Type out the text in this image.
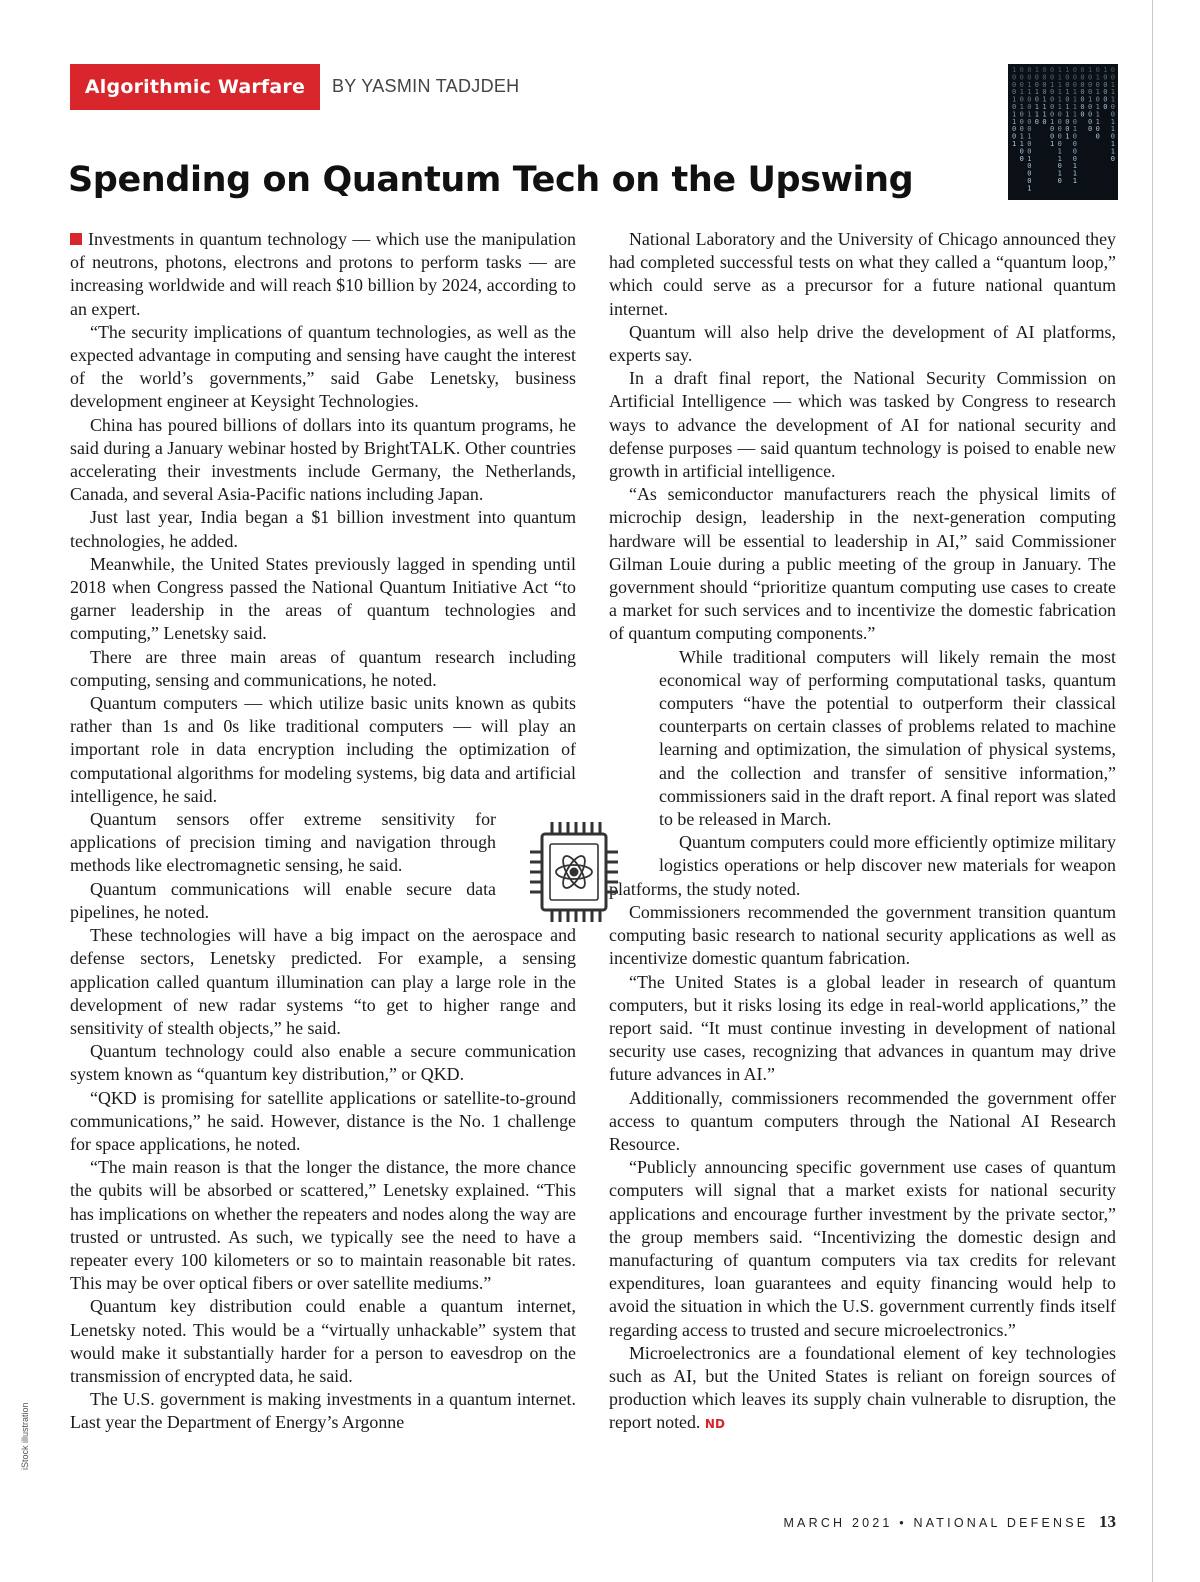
Algorithmic Warfare	BY YASMIN TADJDEH
1
0
0
0
1
0
1
1
0
0
1
0
0
0
1
0
1
0
0
0
1
1
0
0
0
0
1
1
0
0
1
0
0
1
0
0
1
0
0
0
1
1
0
0
1
0
1
1
0
0
0
0
0
1
1
1
0
0
0
1
0
0
0
0
1
0
0
1
1
1
1
1
1
1
0
0
0
0
0
1
1
0
1
0
1
0
0
1
0
1
1
0
0
1
0
0
0
1
1
1
1
0
1
0
0
0
0
1
1
1
0
0
0
0
0
0
0
1
0
0
0
1
0
0
0
0
0
1
0
1
0
1
1
1
0
0
1
0
0
0
0
0
0
0
1
1
1
0
0
1
1
0
1
1
0
Spending on Quantum Tech on the Upswing

Investments in quantum technology — which use the manipulation of neutrons, photons, electrons and protons to perform tasks — are increasing worldwide and will reach $10 billion by 2024, according to an expert.

“The security implications of quantum technologies, as well as the expected advantage in computing and sensing have caught the interest of the world’s governments,” said Gabe Lenetsky, business development engineer at Keysight Technologies.

China has poured billions of dollars into its quantum programs, he said during a January webinar hosted by BrightTALK. Other countries accelerating their investments include Germany, the Netherlands, Canada, and several Asia-Pacific nations including Japan.

Just last year, India began a $1 billion investment into quantum technologies, he added.

Meanwhile, the United States previously lagged in spending until 2018 when Congress passed the National Quantum Initiative Act “to garner leadership in the areas of quantum technologies and computing,” Lenetsky said.

There are three main areas of quantum research including computing, sensing and communications, he noted.

Quantum computers — which utilize basic units known as qubits rather than 1s and 0s like traditional computers — will play an important role in data encryption including the optimization of computational algorithms for modeling systems, big data and artificial intelligence, he said.

Quantum sensors offer extreme sensitivity for applications of precision timing and navigation through methods like electromagnetic sensing, he said.

Quantum communications will enable secure data pipelines, he noted.

These technologies will have a big impact on the aerospace and defense sectors, Lenetsky predicted. For example, a sensing application called quantum illumination can play a large role in the development of new radar systems “to get to higher range and sensitivity of stealth objects,” he said.

Quantum technology could also enable a secure communication system known as “quantum key distribution,” or QKD.

“QKD is promising for satellite applications or satellite-to-ground communications,” he said. However, distance is the No. 1 challenge for space applications, he noted.

“The main reason is that the longer the distance, the more chance the qubits will be absorbed or scattered,” Lenetsky explained. “This has implications on whether the repeaters and nodes along the way are trusted or untrusted. As such, we typically see the need to have a repeater every 100 kilometers or so to maintain reasonable bit rates. This may be over optical fibers or over satellite mediums.”

Quantum key distribution could enable a quantum internet, Lenetsky noted. This would be a “virtually unhackable” system that would make it substantially harder for a person to eavesdrop on the transmission of encrypted data, he said.

The U.S. government is making investments in a quantum internet. Last year the Department of Energy’s Argonne

National Laboratory and the University of Chicago announced they had completed successful tests on what they called a “quantum loop,” which could serve as a precursor for a future national quantum internet.

Quantum will also help drive the development of AI platforms, experts say.

In a draft final report, the National Security Commission on Artificial Intelligence — which was tasked by Congress to research ways to advance the development of AI for national security and defense purposes — said quantum technology is poised to enable new growth in artificial intelligence.

“As semiconductor manufacturers reach the physical limits of microchip design, leadership in the next-generation computing hardware will be essential to leadership in AI,” said Commissioner Gilman Louie during a public meeting of the group in January. The government should “prioritize quantum computing use cases to create a market for such services and to incentivize the domestic fabrication of quantum computing components.”

While traditional computers will likely remain the most economical way of performing computational tasks, quantum computers “have the potential to outperform their classical counterparts on certain classes of problems related to machine learning and optimization, the simulation of physical systems, and the collection and transfer of sensitive information,” commissioners said in the draft report. A final report was slated to be released in March.

Quantum computers could more efficiently optimize military logistics operations or help discover new materials for weapon platforms, the study noted.

Commissioners recommended the government transition quantum computing basic research to national security applications as well as incentivize domestic quantum fabrication.

“The United States is a global leader in research of quantum computers, but it risks losing its edge in real-world applications,” the report said. “It must continue investing in development of national security use cases, recognizing that advances in quantum may drive future advances in AI.”

Additionally, commissioners recommended the government offer access to quantum computers through the National AI Research Resource.

“Publicly announcing specific government use cases of quantum computers will signal that a market exists for national security applications and encourage further investment by the private sector,” the group members said. “Incentivizing the domestic design and manufacturing of quantum computers via tax credits for relevant expenditures, loan guarantees and equity financing would help to avoid the situation in which the U.S. government currently finds itself regarding access to trusted and secure microelectronics.”

Microelectronics are a foundational element of key technologies such as AI, but the United States is reliant on foreign sources of production which leaves its supply chain vulnerable to disruption, the report noted. ND

iStock illustration
MARCH 2021 • NATIONAL DEFENSE 13
